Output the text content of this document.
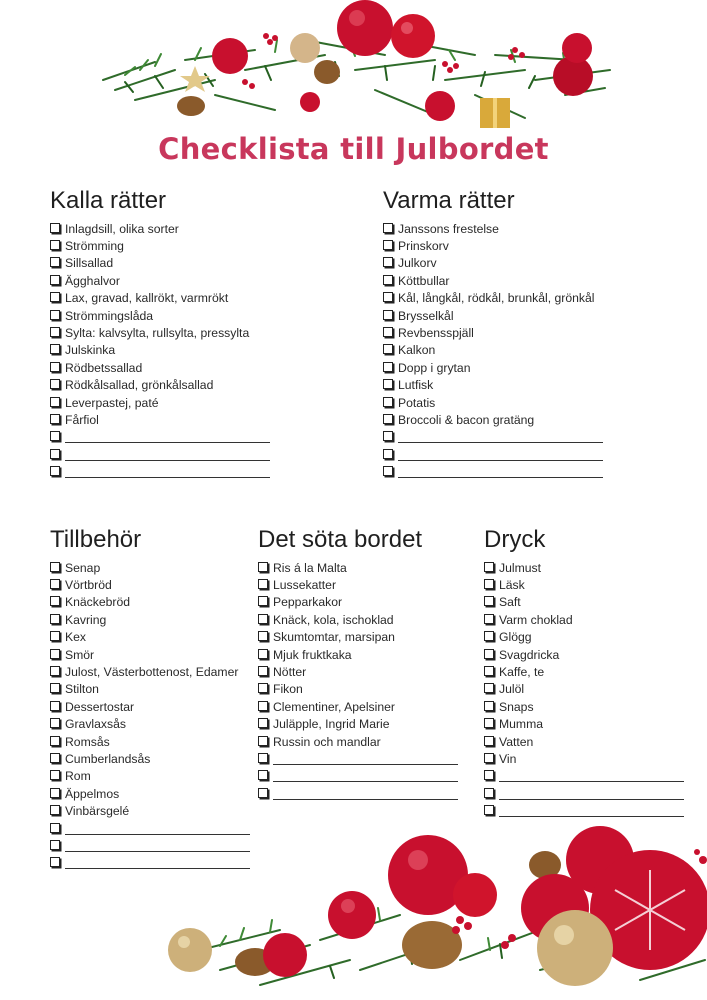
Checklista till Julbordet
Kalla rätter
Inlagdsill, olika sorter
Strömming
Sillsallad
Ägghalvor
Lax, gravad, kallrökt, varmrökt
Strömmingslåda
Sylta: kalvsylta, rullsylta, pressylta
Julskinka
Rödbetssallad
Rödkålsallad, grönkålsallad
Leverpastej, paté
Fårfiol
Varma rätter
Janssons frestelse
Prinskorv
Julkorv
Köttbullar
Kål, långkål, rödkål, brunkål, grönkål
Brysselkål
Revbensspjäll
Kalkon
Dopp i grytan
Lutfisk
Potatis
Broccoli & bacon gratäng
Tillbehör
Senap
Vörtbröd
Knäckebröd
Kavring
Kex
Smör
Julost, Västerbottenost, Edamer
Stilton
Dessertostar
Gravlaxsås
Romsås
Cumberlandsås
Rom
Äppelmos
Vinbärsgelé
Det söta bordet
Ris á la Malta
Lussekatter
Pepparkakor
Knäck, kola, ischoklad
Skumtomtar, marsipan
Mjuk fruktkaka
Nötter
Fikon
Clementiner, Apelsiner
Juläpple, Ingrid Marie
Russin och mandlar
Dryck
Julmust
Läsk
Saft
Varm choklad
Glögg
Svagdricka
Kaffe, te
Julöl
Snaps
Mumma
Vatten
Vin
